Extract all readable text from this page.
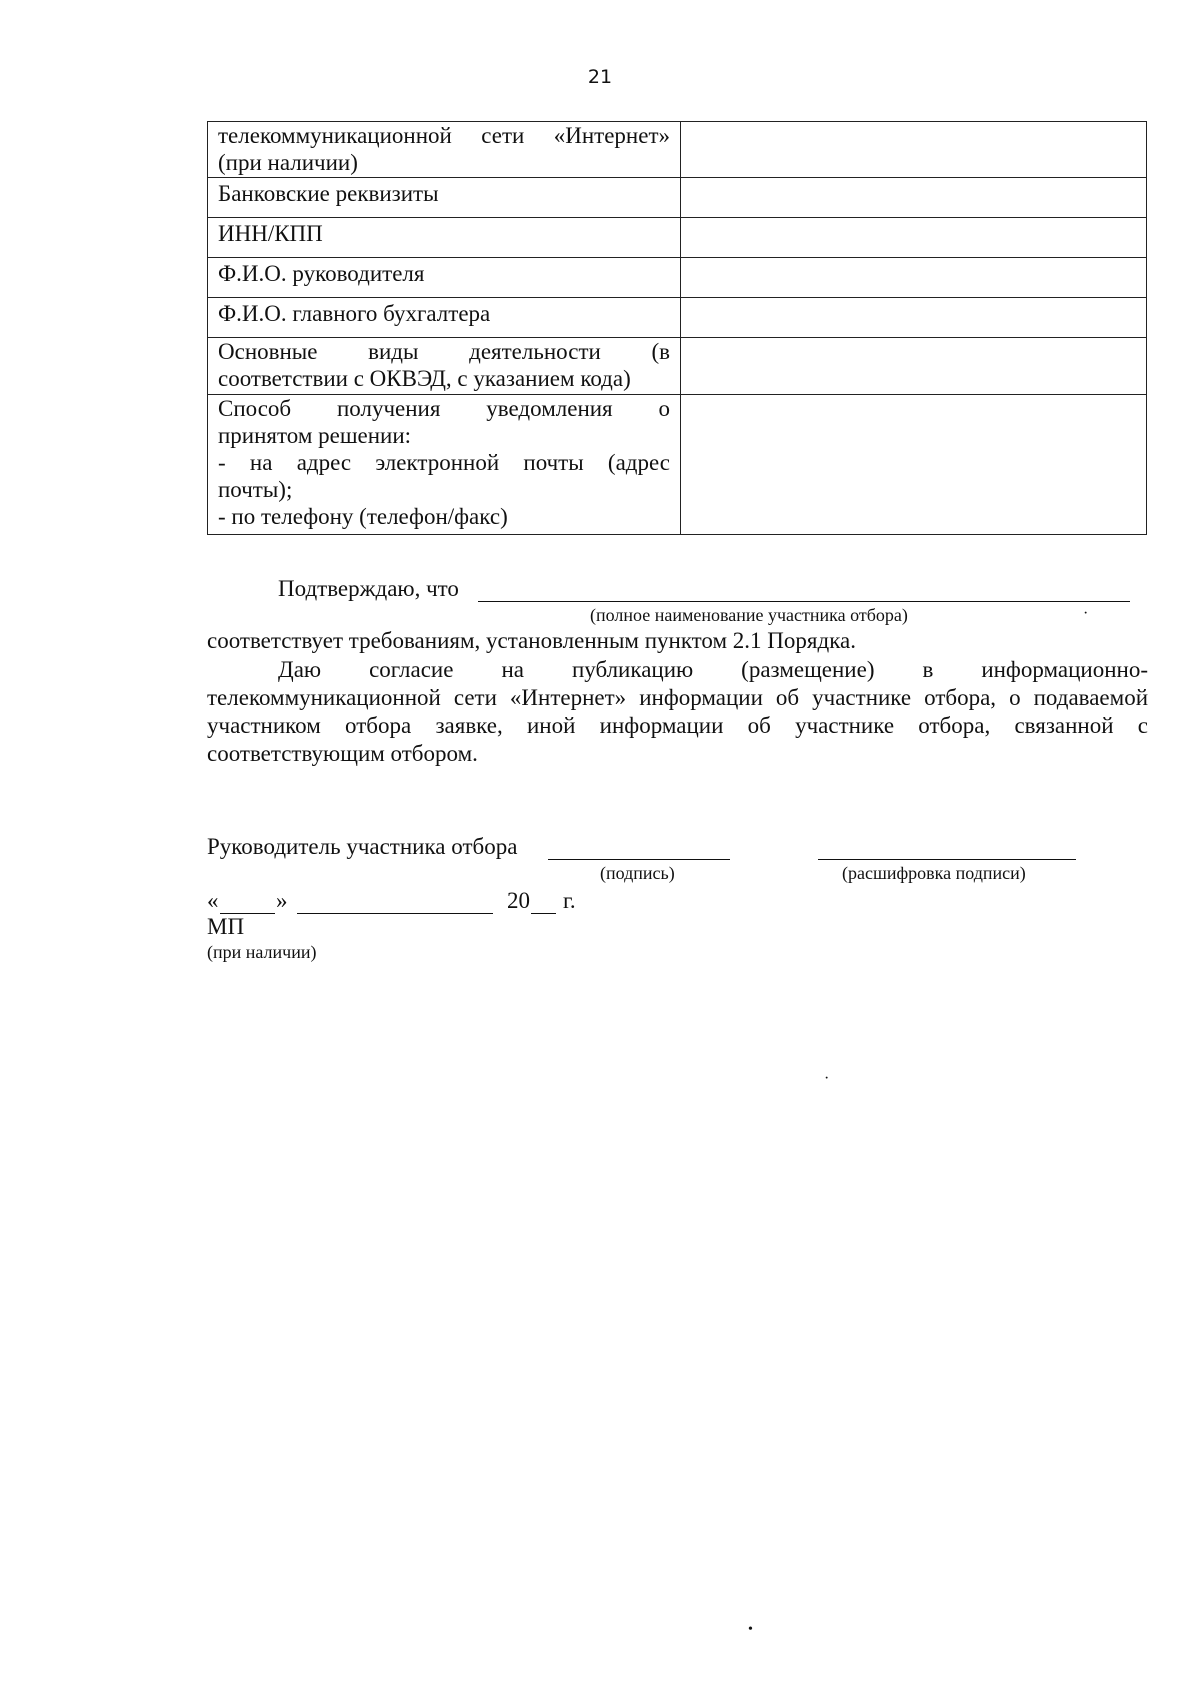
21
телекоммуникационной сети «Интернет»
(при наличии)	

Банковские реквизиты	

ИНН/КПП	

Ф.И.О. руководителя	

Ф.И.О. главного бухгалтера	

Основные виды деятельности (в
соответствии с ОКВЭД, с указанием кода)	

Способ получения уведомления о
принятом решении:
- на адрес электронной почты (адрес
почты);
- по телефону (телефон/факс)	

Подтверждаю, что
(полное наименование участника отбора)	·
соответствует требованиям, установленным пунктом 2.1 Порядка.
Даю согласие на публикацию (размещение) в информационно-
телекоммуникационной сети «Интернет» информации об участнике отбора, о подаваемой
участником отбора заявке, иной информации об участнике отбора, связанной с
соответствующим отбором.
Руководитель участника отбора
(подпись)	(расшифровка подписи)
«	»	20 г.
МП
(при наличии)
·
•
